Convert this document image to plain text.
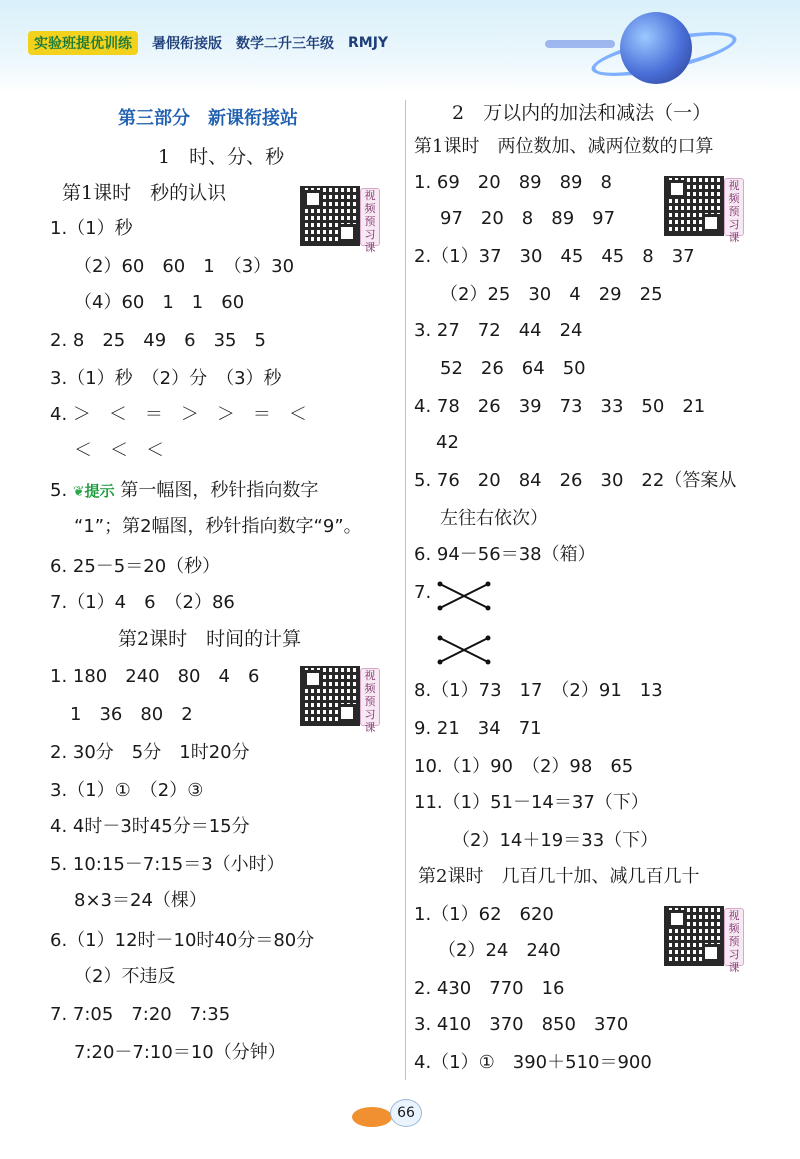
实验班提优训练	暑假衔接版 数学二升三年级 RMJY
第三部分　新课衔接站
1　时、分、秒
第1课时　秒的认识	视频预习课
1.（1）秒
（2）60　60　1　（3）30
（4）60　1　1　60
2. 8　25　49　6　35　5
3.（1）秒　（2）分　（3）秒
4. ＞　＜　＝　＞　＞　＝　＜
＜　＜　＜
5. ❦提示 第一幅图，秒针指向数字
“1”；第2幅图，秒针指向数字“9”。
6. 25－5＝20（秒）
7.（1）4　6　（2）86
第2课时　时间的计算
视频预习课
1. 180　240　80　4　6
1　36　80　2
2. 30分　5分　1时20分
3.（1）①　（2）③
4. 4时－3时45分＝15分
5. 10:15－7:15＝3（小时）
8×3＝24（棵）
6.（1）12时－10时40分＝80分
（2）不违反
7. 7:05　7:20　7:35
7:20－7:10＝10（分钟）
2　万以内的加法和减法（一）
第1课时　两位数加、减两位数的口算
视频预习课
1. 69　20　89　89　8
97　20　8　89　97
2.（1）37　30　45　45　8　37
（2）25　30　4　29　25
3. 27　72　44　24
52　26　64　50
4. 78　26　39　73　33　50　21
42
5. 76　20　84　26　30　22（答案从
左往右依次）
6. 94－56＝38（箱）
7.
8.（1）73　17　（2）91　13
9. 21　34　71
10.（1）90　（2）98　65
11.（1）51－14＝37（下）
（2）14＋19＝33（下）
第2课时　几百几十加、减几百几十
视频预习课
1.（1）62　620
（2）24　240
2. 430　770　16
3. 410　370　850　370
4.（1）①　390＋510＝900
66
